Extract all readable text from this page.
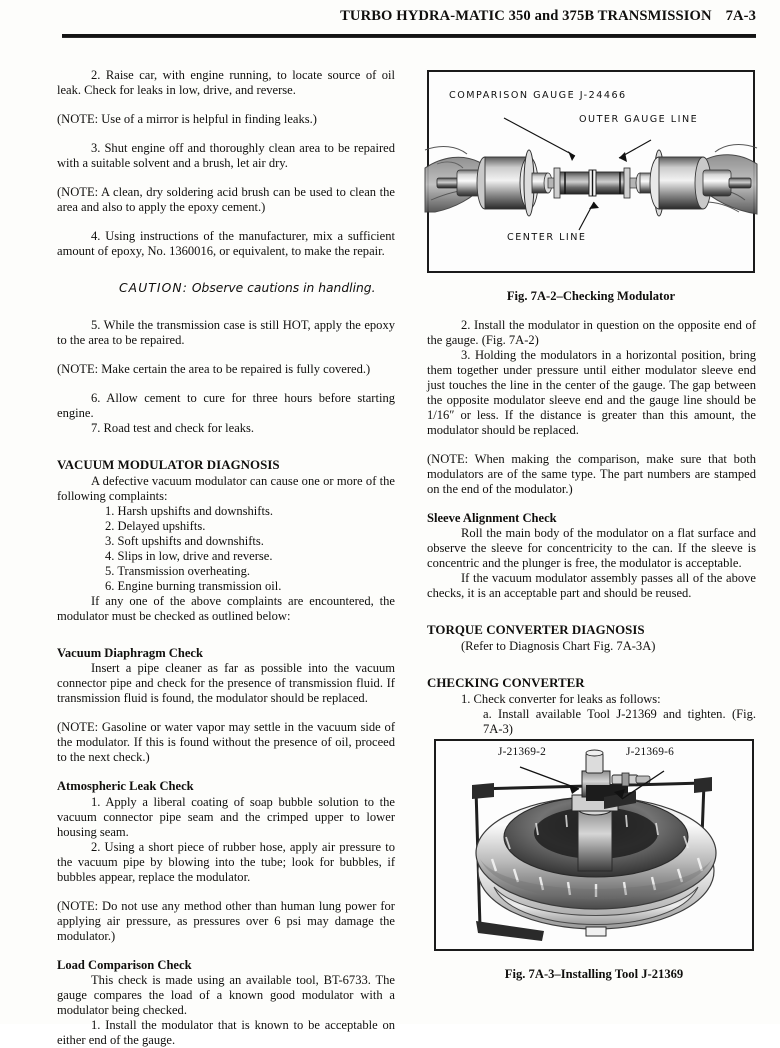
TURBO HYDRA-MATIC 350 and 375B TRANSMISSION 7A-3

2. Raise car, with engine running, to locate source of oil leak. Check for leaks in low, drive, and reverse.

(NOTE: Use of a mirror is helpful in finding leaks.)

3. Shut engine off and thoroughly clean area to be repaired with a suitable solvent and a brush, let air dry.

(NOTE: A clean, dry soldering acid brush can be used to clean the area and also to apply the epoxy cement.)

4. Using instructions of the manufacturer, mix a sufficient amount of epoxy, No. 1360016, or equivalent, to make the repair.

CAUTION: Observe cautions in handling.

5. While the transmission case is still HOT, apply the epoxy to the area to be repaired.

(NOTE: Make certain the area to be repaired is fully covered.)

6. Allow cement to cure for three hours before starting engine.

7. Road test and check for leaks.

VACUUM MODULATOR DIAGNOSIS

A defective vacuum modulator can cause one or more of the following complaints:

1. Harsh upshifts and downshifts.
2. Delayed upshifts.
3. Soft upshifts and downshifts.
4. Slips in low, drive and reverse.
5. Transmission overheating.
6. Engine burning transmission oil.

If any one of the above complaints are encountered, the modulator must be checked as outlined below:

Vacuum Diaphragm Check

Insert a pipe cleaner as far as possible into the vacuum connector pipe and check for the presence of transmission fluid. If transmission fluid is found, the modulator should be replaced.

(NOTE: Gasoline or water vapor may settle in the vacuum side of the modulator. If this is found without the presence of oil, proceed to the next check.)

Atmospheric Leak Check

1. Apply a liberal coating of soap bubble solution to the vacuum connector pipe seam and the crimped upper to lower housing seam.

2. Using a short piece of rubber hose, apply air pressure to the vacuum pipe by blowing into the tube; look for bubbles, if bubbles appear, replace the modulator.

(NOTE: Do not use any method other than human lung power for applying air pressure, as pressures over 6 psi may damage the modulator.)

Load Comparison Check

This check is made using an available tool, BT-6733. The gauge compares the load of a known good modulator with a modulator being checked.

1. Install the modulator that is known to be acceptable on either end of the gauge.

2. Install the modulator in question on the opposite end of the gauge. (Fig. 7A-2)

3. Holding the modulators in a horizontal position, bring them together under pressure until either modulator sleeve end just touches the line in the center of the gauge. The gap between the opposite modulator sleeve end and the gauge line should be 1/16″ or less. If the distance is greater than this amount, the modulator should be replaced.

(NOTE: When making the comparison, make sure that both modulators are of the same type. The part numbers are stamped on the end of the modulator.)

Sleeve Alignment Check

Roll the main body of the modulator on a flat surface and observe the sleeve for concentricity to the can. If the sleeve is concentric and the plunger is free, the modulator is acceptable.

If the vacuum modulator assembly passes all of the above checks, it is an acceptable part and should be reused.

TORQUE CONVERTER DIAGNOSIS

(Refer to Diagnosis Chart Fig. 7A-3A)

CHECKING CONVERTER

1. Check converter for leaks as follows:

a. Install available Tool J-21369 and tighten. (Fig. 7A-3)

COMPARISON GAUGE J-24466
OUTER GAUGE LINE
CENTER LINE
Fig. 7A-2–Checking Modulator
J-21369-2	J-21369-6
Fig. 7A-3–Installing Tool J-21369
